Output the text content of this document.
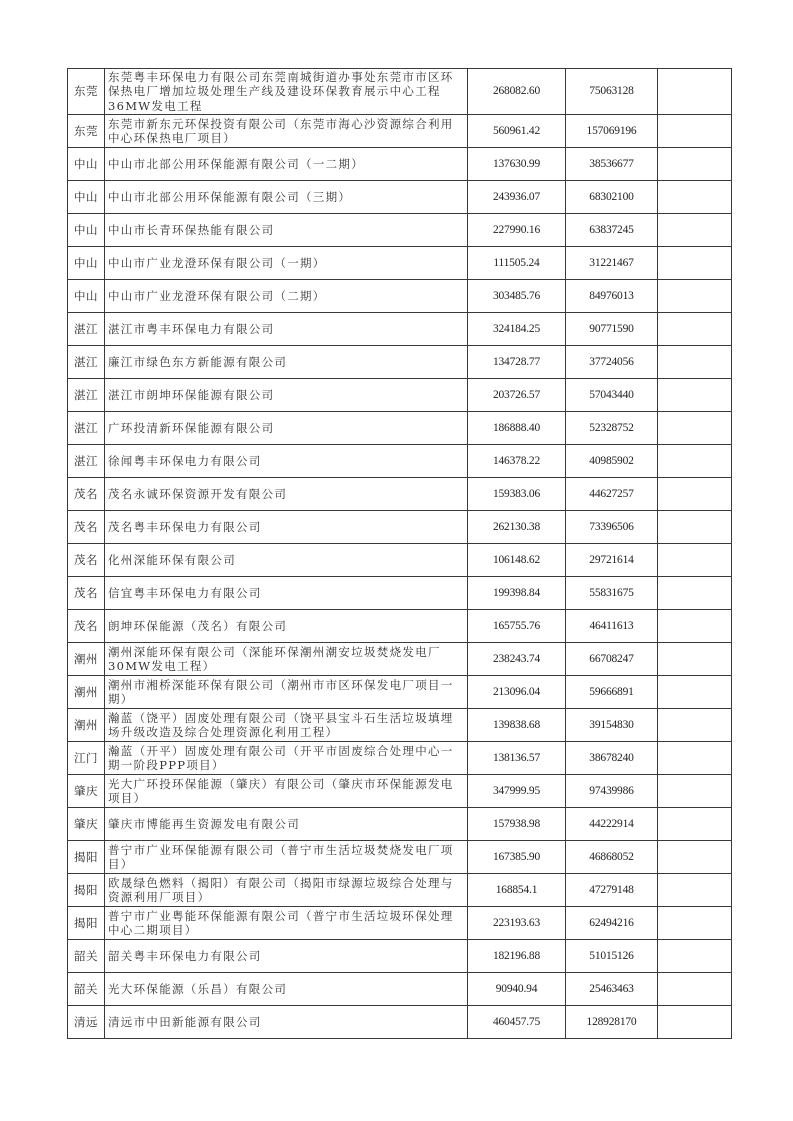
东莞	东莞粤丰环保电力有限公司东莞南城街道办事处东莞市市区环保热电厂增加垃圾处理生产线及建设环保教育展示中心工程36MW发电工程	268082.60	75063128	
东莞	东莞市新东元环保投资有限公司（东莞市海心沙资源综合利用中心环保热电厂项目）	560961.42	157069196	
中山	中山市北部公用环保能源有限公司（一二期）	137630.99	38536677	
中山	中山市北部公用环保能源有限公司（三期）	243936.07	68302100	
中山	中山市长青环保热能有限公司	227990.16	63837245	
中山	中山市广业龙澄环保有限公司（一期）	111505.24	31221467	
中山	中山市广业龙澄环保有限公司（二期）	303485.76	84976013	
湛江	湛江市粤丰环保电力有限公司	324184.25	90771590	
湛江	廉江市绿色东方新能源有限公司	134728.77	37724056	
湛江	湛江市朗坤环保能源有限公司	203726.57	57043440	
湛江	广环投清新环保能源有限公司	186888.40	52328752	
湛江	徐闻粤丰环保电力有限公司	146378.22	40985902	
茂名	茂名永诚环保资源开发有限公司	159383.06	44627257	
茂名	茂名粤丰环保电力有限公司	262130.38	73396506	
茂名	化州深能环保有限公司	106148.62	29721614	
茂名	信宜粤丰环保电力有限公司	199398.84	55831675	
茂名	朗坤环保能源（茂名）有限公司	165755.76	46411613	
潮州	潮州深能环保有限公司（深能环保潮州潮安垃圾焚烧发电厂30MW发电工程）	238243.74	66708247	
潮州	潮州市湘桥深能环保有限公司（潮州市市区环保发电厂项目一期）	213096.04	59666891	
潮州	瀚蓝（饶平）固废处理有限公司（饶平县宝斗石生活垃圾填埋场升级改造及综合处理资源化利用工程）	139838.68	39154830	
江门	瀚蓝（开平）固废处理有限公司（开平市固废综合处理中心一期一阶段PPP项目）	138136.57	38678240	
肇庆	光大广环投环保能源（肇庆）有限公司（肇庆市环保能源发电项目）	347999.95	97439986	
肇庆	肇庆市博能再生资源发电有限公司	157938.98	44222914	
揭阳	普宁市广业环保能源有限公司（普宁市生活垃圾焚烧发电厂项目）	167385.90	46868052	
揭阳	欧晟绿色燃料（揭阳）有限公司（揭阳市绿源垃圾综合处理与资源利用厂项目）	168854.1	47279148	
揭阳	普宁市广业粤能环保能源有限公司（普宁市生活垃圾环保处理中心二期项目）	223193.63	62494216	
韶关	韶关粤丰环保电力有限公司	182196.88	51015126	
韶关	光大环保能源（乐昌）有限公司	90940.94	25463463	
清远	清远市中田新能源有限公司	460457.75	128928170	
